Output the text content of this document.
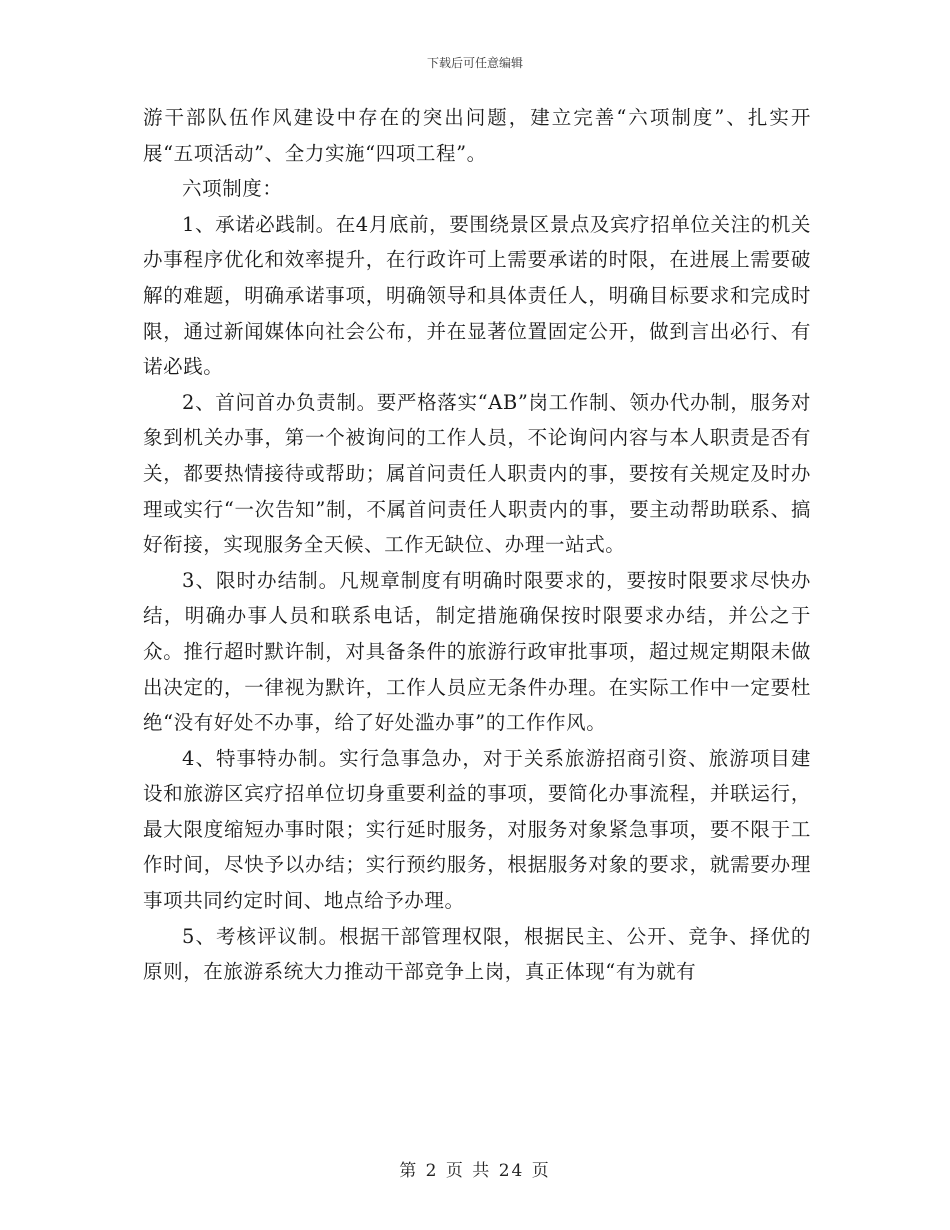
下载后可任意编辑

游干部队伍作风建设中存在的突出问题，建立完善“六项制度”、扎实开展“五项活动”、全力实施“四项工程”。

六项制度：

1、承诺必践制。在4月底前，要围绕景区景点及宾疗招单位关注的机关办事程序优化和效率提升，在行政许可上需要承诺的时限，在进展上需要破解的难题，明确承诺事项，明确领导和具体责任人，明确目标要求和完成时限，通过新闻媒体向社会公布，并在显著位置固定公开，做到言出必行、有诺必践。

2、首问首办负责制。要严格落实“AB”岗工作制、领办代办制，服务对象到机关办事，第一个被询问的工作人员，不论询问内容与本人职责是否有关，都要热情接待或帮助；属首问责任人职责内的事，要按有关规定及时办理或实行“一次告知”制，不属首问责任人职责内的事，要主动帮助联系、搞好衔接，实现服务全天候、工作无缺位、办理一站式。

3、限时办结制。凡规章制度有明确时限要求的，要按时限要求尽快办结，明确办事人员和联系电话，制定措施确保按时限要求办结，并公之于众。推行超时默许制，对具备条件的旅游行政审批事项，超过规定期限未做出决定的，一律视为默许，工作人员应无条件办理。在实际工作中一定要杜绝“没有好处不办事，给了好处滥办事”的工作作风。

4、特事特办制。实行急事急办，对于关系旅游招商引资、旅游项目建设和旅游区宾疗招单位切身重要利益的事项，要简化办事流程，并联运行，最大限度缩短办事时限；实行延时服务，对服务对象紧急事项，要不限于工作时间，尽快予以办结；实行预约服务，根据服务对象的要求，就需要办理事项共同约定时间、地点给予办理。

5、考核评议制。根据干部管理权限，根据民主、公开、竞争、择优的原则，在旅游系统大力推动干部竞争上岗，真正体现“有为就有

第 2 页 共 24 页
